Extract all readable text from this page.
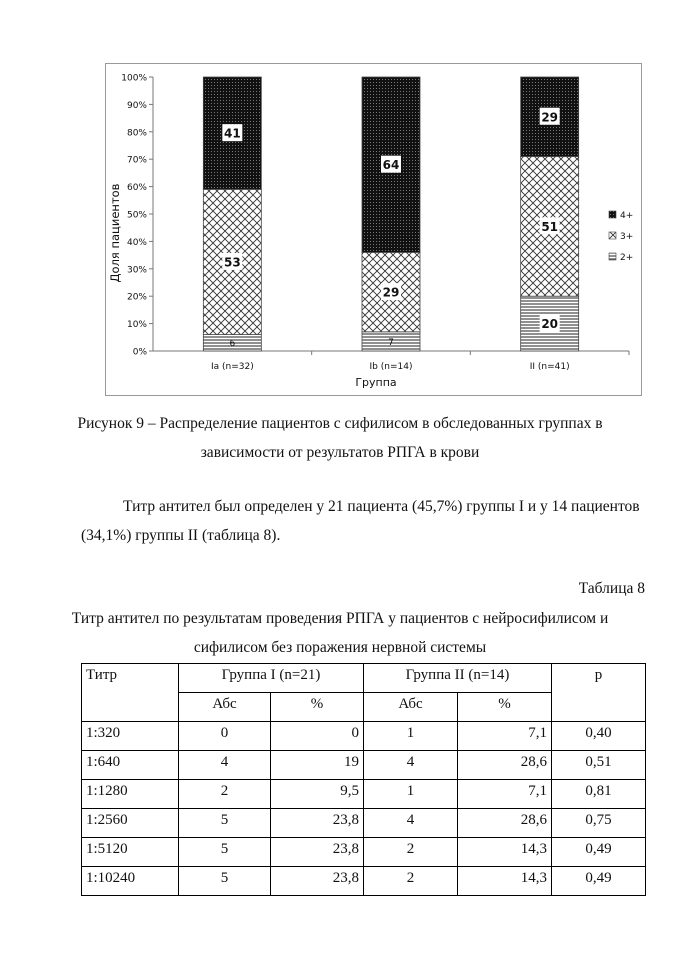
0%
10%
20%
30%
40%
50%
60%
70%
80%
90%
100%
Ia (n=32)
6
53
41
Ib (n=14)
7
29
64
II (n=41)
20
51
29
4+
3+
2+
Доля пациентов
Группа
Рисунок 9 – Распределение пациентов с сифилисом в обследованных группах в
зависимости от результатов РПГА в крови
Титр антител был определен у 21 пациента (45,7%) группы I и у 14 пациентов
(34,1%) группы II (таблица 8).
Таблица 8
Титр антител по результатам проведения РПГА у пациентов с нейросифилисом и
сифилисом без поражения нервной системы
Титр	Группа I (n=21)		Группа II (n=14)		р
	Абс	%	Абс	%	
1:320	0	0	1	7,1	0,40
1:640	4	19	4	28,6	0,51
1:1280	2	9,5	1	7,1	0,81
1:2560	5	23,8	4	28,6	0,75
1:5120	5	23,8	2	14,3	0,49
1:10240	5	23,8	2	14,3	0,49
